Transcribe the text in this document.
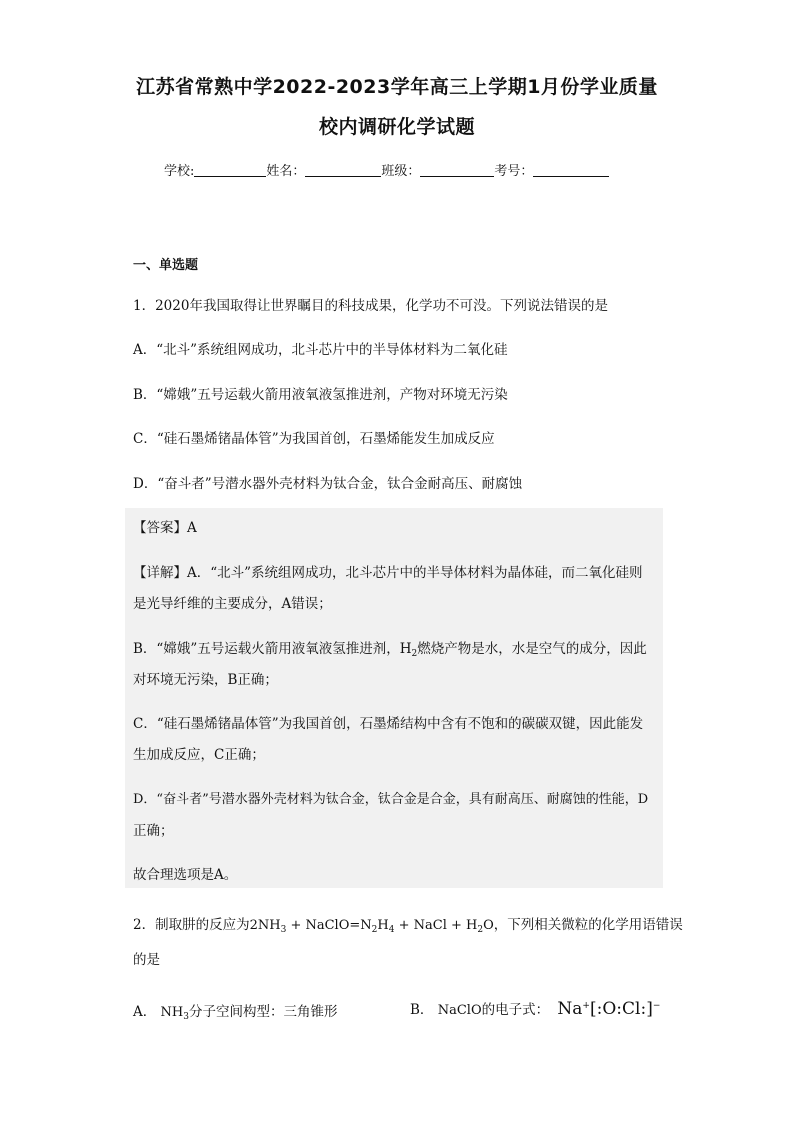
江苏省常熟中学2022-2023学年高三上学期1月份学业质量
校内调研化学试题
学校:	姓名：	班级：	考号：
一、单选题
1．2020年我国取得让世界瞩目的科技成果，化学功不可没。下列说法错误的是
A．“北斗”系统组网成功，北斗芯片中的半导体材料为二氧化硅
B．“嫦娥”五号运载火箭用液氧液氢推进剂，产物对环境无污染
C．“硅石墨烯锗晶体管”为我国首创，石墨烯能发生加成反应
D．“奋斗者”号潜水器外壳材料为钛合金，钛合金耐高压、耐腐蚀
【答案】A
【详解】A．“北斗”系统组网成功，北斗芯片中的半导体材料为晶体硅，而二氧化硅则
是光导纤维的主要成分，A错误；
B．“嫦娥”五号运载火箭用液氧液氢推进剂，$H_2$燃烧产物是水，水是空气的成分，因此
对环境无污染，B正确；
C．“硅石墨烯锗晶体管”为我国首创，石墨烯结构中含有不饱和的碳碳双键，因此能发
生加成反应，C正确；
D．“奋斗者”号潜水器外壳材料为钛合金，钛合金是合金，具有耐高压、耐腐蚀的性能，D
正确；
故合理选项是A。
2．制取肼的反应为$2NH_3$ + $NaClO=N_2H_4$ + NaCl + $H_2O$，下列相关微粒的化学用语错误
的是
A． $NH_3$分子空间构型：三角锥形	B． NaClO的电子式： Na+[:O:Cl:]−
